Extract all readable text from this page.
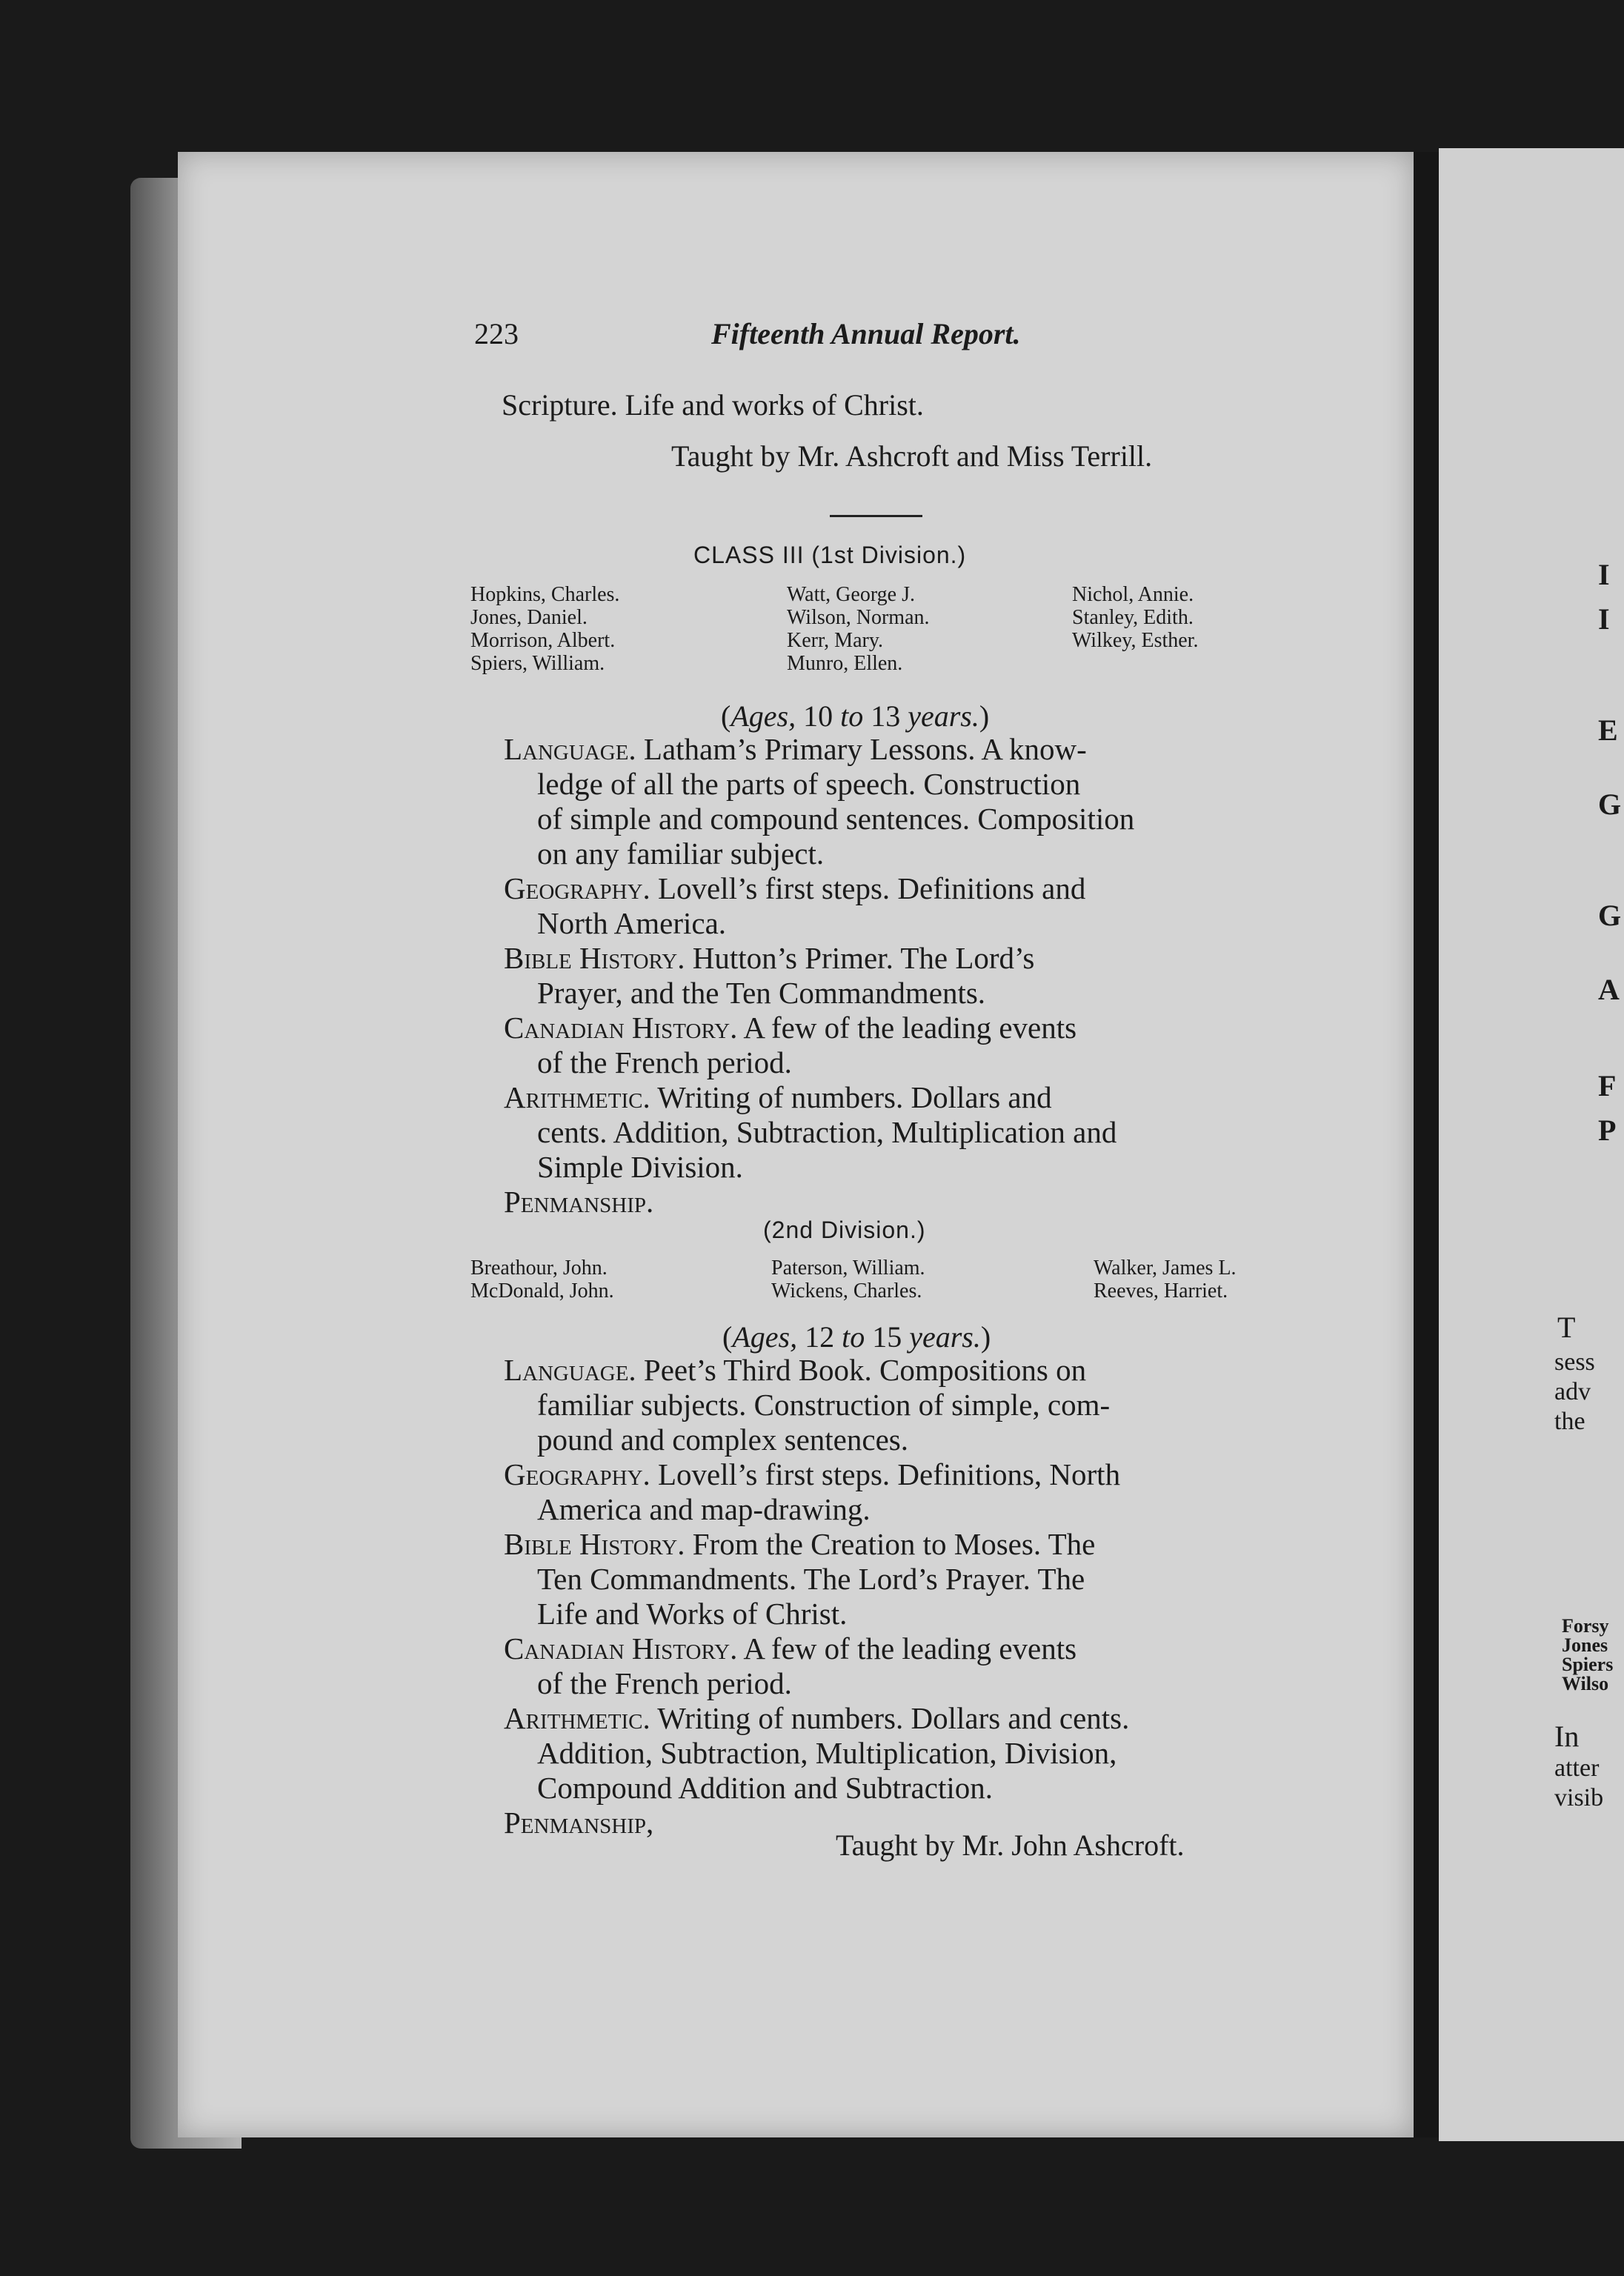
223	Fifteenth Annual Report.
Scripture. Life and works of Christ.
Taught by Mr. Ashcroft and Miss Terrill.
CLASS III (1st Division.)
Hopkins, Charles.	Watt, George J.	Nichol, Annie.
Jones, Daniel.	Wilson, Norman.	Stanley, Edith.
Morrison, Albert.	Kerr, Mary.	Wilkey, Esther.
Spiers, William.	Munro, Ellen.
(Ages, 10 to 13 years.)
Language. Latham’s Primary Lessons. A know-
ledge of all the parts of speech. Construction
of simple and compound sentences. Composition
on any familiar subject.
Geography. Lovell’s first steps. Definitions and
North America.
Bible History. Hutton’s Primer. The Lord’s
Prayer, and the Ten Commandments.
Canadian History. A few of the leading events
of the French period.
Arithmetic. Writing of numbers. Dollars and
cents. Addition, Subtraction, Multiplication and
Simple Division.
Penmanship.
(2nd Division.)
Breathour, John.	Paterson, William.	Walker, James L.
McDonald, John.	Wickens, Charles.	Reeves, Harriet.
(Ages, 12 to 15 years.)
Language. Peet’s Third Book. Compositions on
familiar subjects. Construction of simple, com-
pound and complex sentences.
Geography. Lovell’s first steps. Definitions, North
America and map-drawing.
Bible History. From the Creation to Moses. The
Ten Commandments. The Lord’s Prayer. The
Life and Works of Christ.
Canadian History. A few of the leading events
of the French period.
Arithmetic. Writing of numbers. Dollars and cents.
Addition, Subtraction, Multiplication, Division,
Compound Addition and Subtraction.
Penmanship,
Taught by Mr. John Ashcroft.
I
I
E
G
G
A
F
P
T
sess
adv
the
Forsy
Jones
Spiers
Wilso
In
atter
visib
